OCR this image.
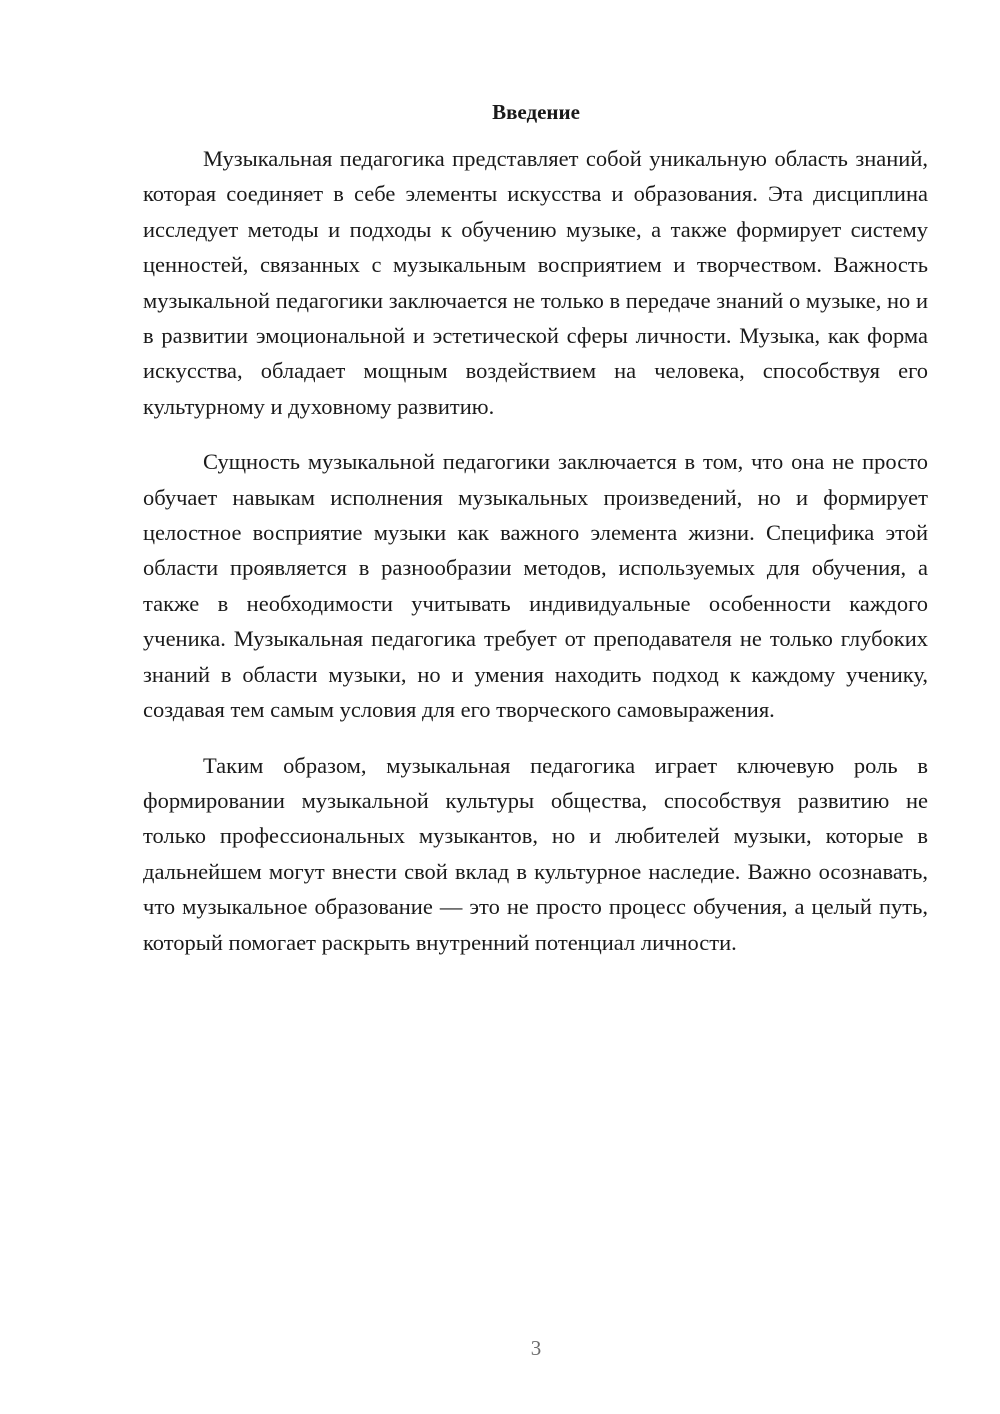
Введение

Музыкальная педагогика представляет собой уникальную область знаний, которая соединяет в себе элементы искусства и образования. Эта дисциплина исследует методы и подходы к обучению музыке, а также формирует систему ценностей, связанных с музыкальным восприятием и творчеством. Важность музыкальной педагогики заключается не только в передаче знаний о музыке, но и в развитии эмоциональной и эстетической сферы личности. Музыка, как форма искусства, обладает мощным воздействием на человека, способствуя его культурному и духовному развитию.

Сущность музыкальной педагогики заключается в том, что она не просто обучает навыкам исполнения музыкальных произведений, но и формирует целостное восприятие музыки как важного элемента жизни. Специфика этой области проявляется в разнообразии методов, используемых для обучения, а также в необходимости учитывать индивидуальные особенности каждого ученика. Музыкальная педагогика требует от преподавателя не только глубоких знаний в области музыки, но и умения находить подход к каждому ученику, создавая тем самым условия для его творческого самовыражения.

Таким образом, музыкальная педагогика играет ключевую роль в формировании музыкальной культуры общества, способствуя развитию не только профессиональных музыкантов, но и любителей музыки, которые в дальнейшем могут внести свой вклад в культурное наследие. Важно осознавать, что музыкальное образование — это не просто процесс обучения, а целый путь, который помогает раскрыть внутренний потенциал личности.

3
